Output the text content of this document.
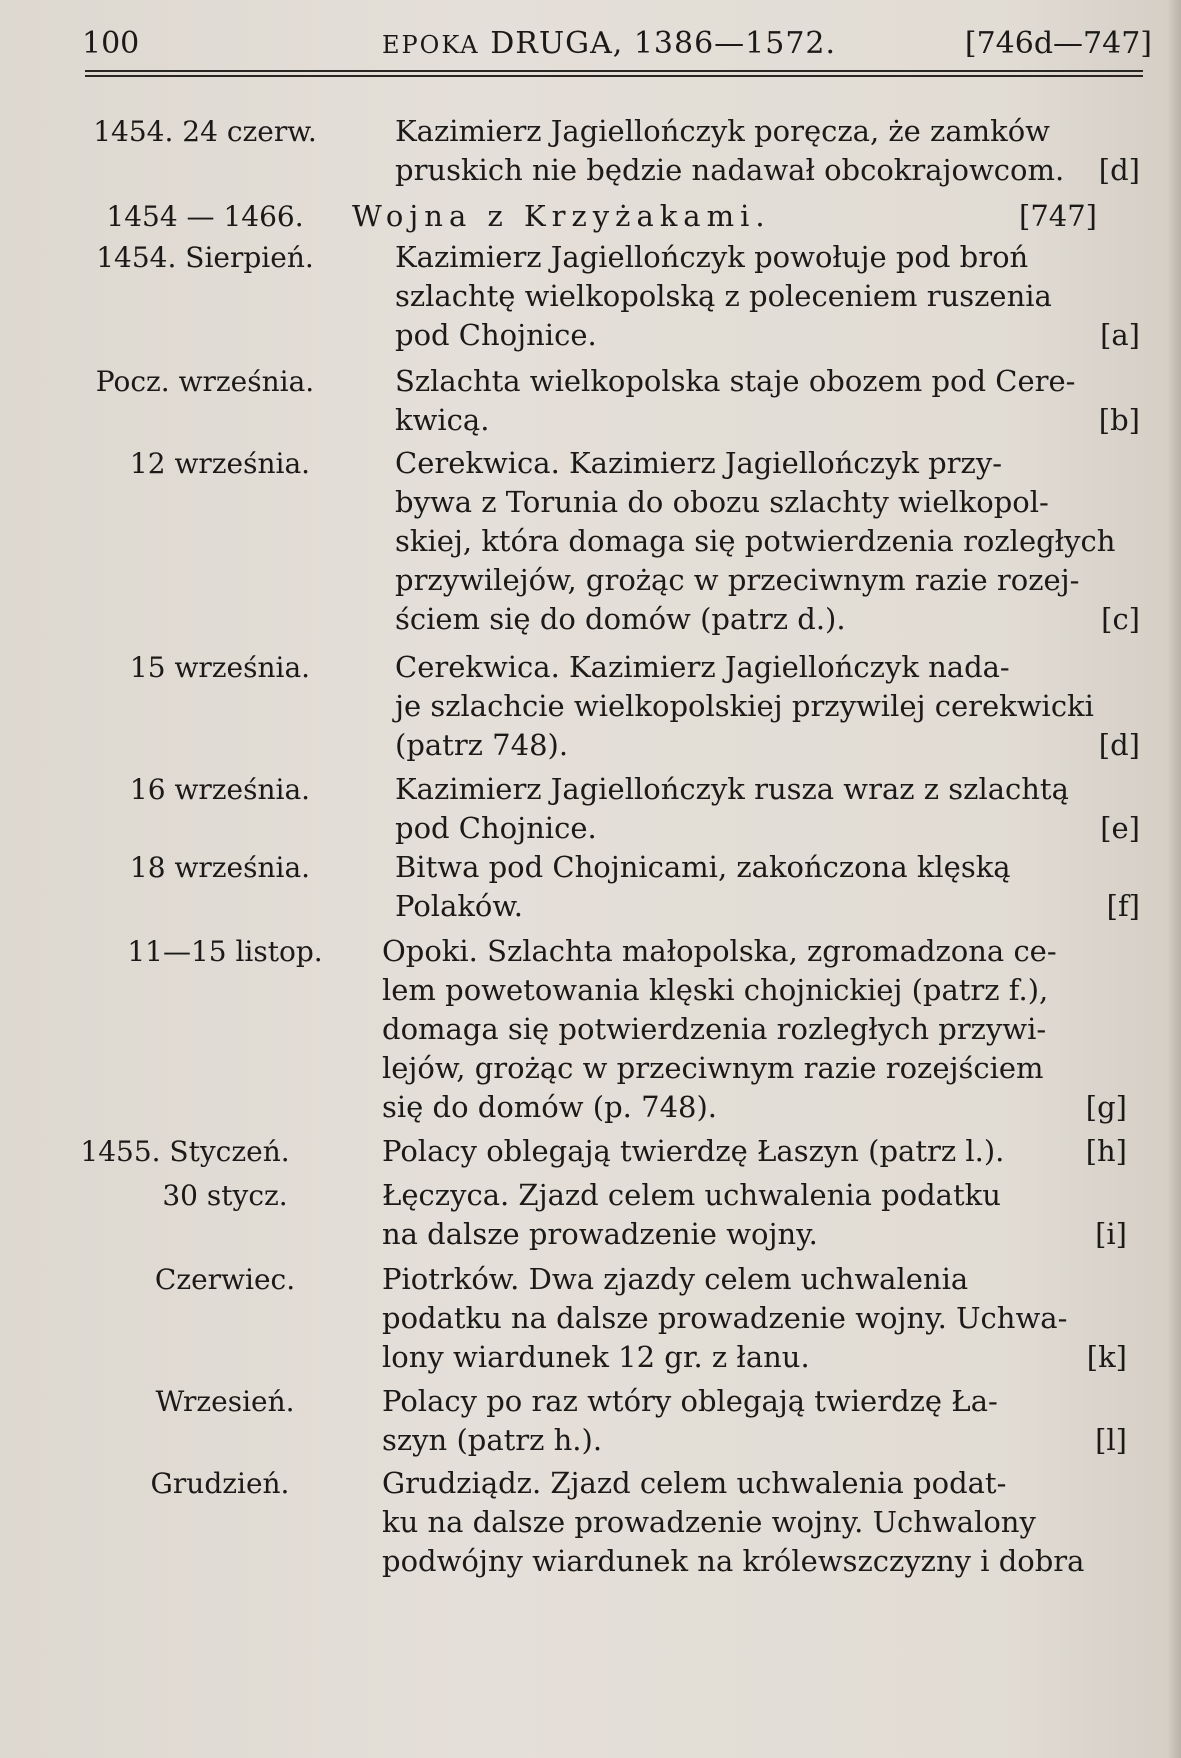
100	EPOKA DRUGA, 1386—1572.	[746d—747]
1454. 24 czerw.	Kazimierz Jagiellończyk poręcza, że zamków
pruskich nie będzie nadawał obcokrajowcom. [d]
1454 — 1466.	Wojna z Krzyżakami.	[747]
1454. Sierpień.	Kazimierz Jagiellończyk powołuje pod broń
szlachtę wielkopolską z poleceniem ruszenia
pod Chojnice.	[a]
Pocz. września.	Szlachta wielkopolska staje obozem pod Cere-
kwicą.	[b]
12 września.	Cerekwica. Kazimierz Jagiellończyk przy-
bywa z Torunia do obozu szlachty wielkopol-
skiej, która domaga się potwierdzenia rozległych
przywilejów, grożąc w przeciwnym razie rozej-
ściem się do domów (patrz d.).	[c]
15 września.	Cerekwica. Kazimierz Jagiellończyk nada-
je szlachcie wielkopolskiej przywilej cerekwicki
(patrz 748).	[d]
16 września.	Kazimierz Jagiellończyk rusza wraz z szlachtą
pod Chojnice.	[e]
18 września.	Bitwa pod Chojnicami, zakończona klęską
Polaków.	[f]
11—15 listop.	Opoki. Szlachta małopolska, zgromadzona ce-
lem powetowania klęski chojnickiej (patrz f.),
domaga się potwierdzenia rozległych przywi-
lejów, grożąc w przeciwnym razie rozejściem
się do domów (p. 748).	[g]
1455. Styczeń.	Polacy oblegają twierdzę Łaszyn (patrz l.).	[h]
30 stycz.	Łęczyca. Zjazd celem uchwalenia podatku
na dalsze prowadzenie wojny.	[i]
Czerwiec.	Piotrków. Dwa zjazdy celem uchwalenia
podatku na dalsze prowadzenie wojny. Uchwa-
lony wiardunek 12 gr. z łanu.	[k]
Wrzesień.	Polacy po raz wtóry oblegają twierdzę Ła-
szyn (patrz h.).	[l]
Grudzień.	Grudziądz. Zjazd celem uchwalenia podat-
ku na dalsze prowadzenie wojny. Uchwalony
podwójny wiardunek na królewszczyzny i dobra
